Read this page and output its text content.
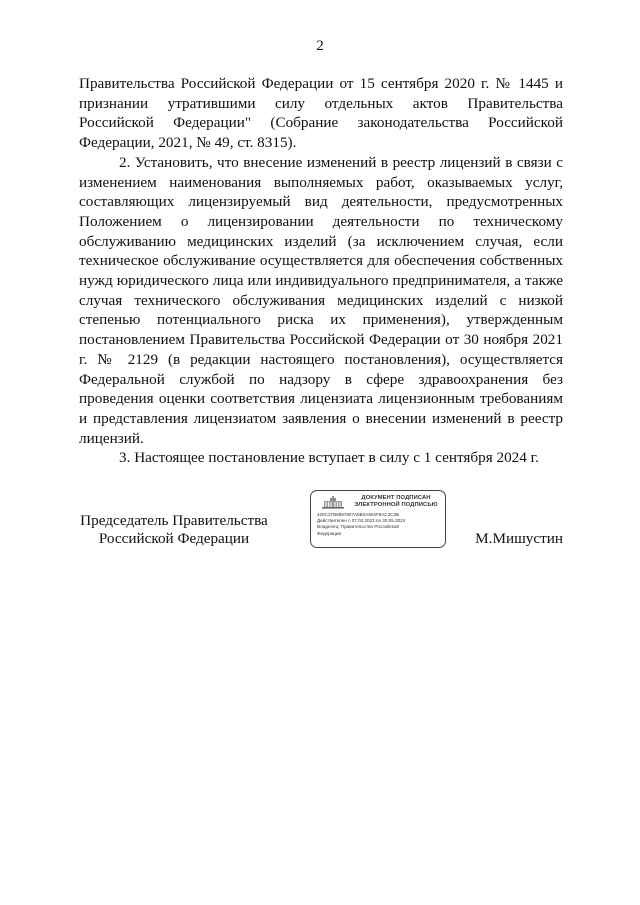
2

Правительства Российской Федерации от 15 сентября 2020 г. № 1445 и признании утратившими силу отдельных актов Правительства Российской Федерации" (Собрание законодательства Российской Федерации, 2021, № 49, ст. 8315).

2. Установить, что внесение изменений в реестр лицензий в связи с изменением наименования выполняемых работ, оказываемых услуг, составляющих лицензируемый вид деятельности, предусмотренных Положением о лицензировании деятельности по техническому обслуживанию медицинских изделий (за исключением случая, если техническое обслуживание осуществляется для обеспечения собственных нужд юридического лица или индивидуального предпринимателя, а также случая технического обслуживания медицинских изделий с низкой степенью потенциального риска их применения), утвержденным постановлением Правительства Российской Федерации от 30 ноября 2021 г. № 2129 (в редакции настоящего постановления), осуществляется Федеральной службой по надзору в сфере здравоохранения без проведения оценки соответствия лицензиата лицензионным требованиям и представления лицензиатом заявления о внесении изменений в реестр лицензий.

3. Настоящее постановление вступает в силу с 1 сентября 2024 г.

Председатель Правительства
Российской Федерации
ДОКУМЕНТ ПОДПИСАН
ЭЛЕКТРОННОЙ ПОДПИСЬЮ
426C37B6897807A6B0A602F6AC3C3B
Действителен с 07.03.2023 по 30.05.2024
Владелец: Правительство Российской
Федерации	М.Мишустин
